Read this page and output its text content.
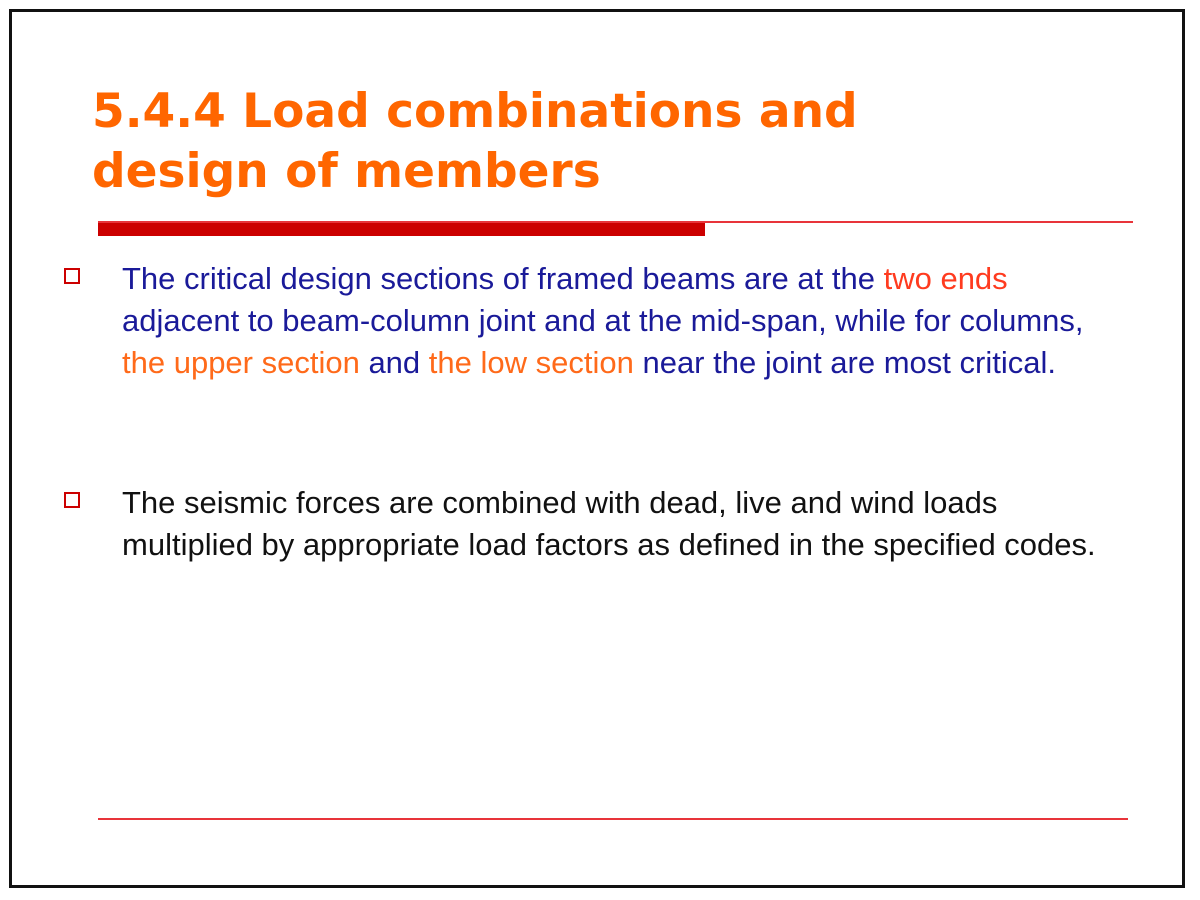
5.4.4 Load combinations and
design of members

The critical design sections of framed beams are at the two ends adjacent to beam-column joint and at the mid-span, while for columns, the upper section and the low section near the joint are most critical.

The seismic forces are combined with dead, live and wind loads multiplied by appropriate load factors as defined in the specified codes.
